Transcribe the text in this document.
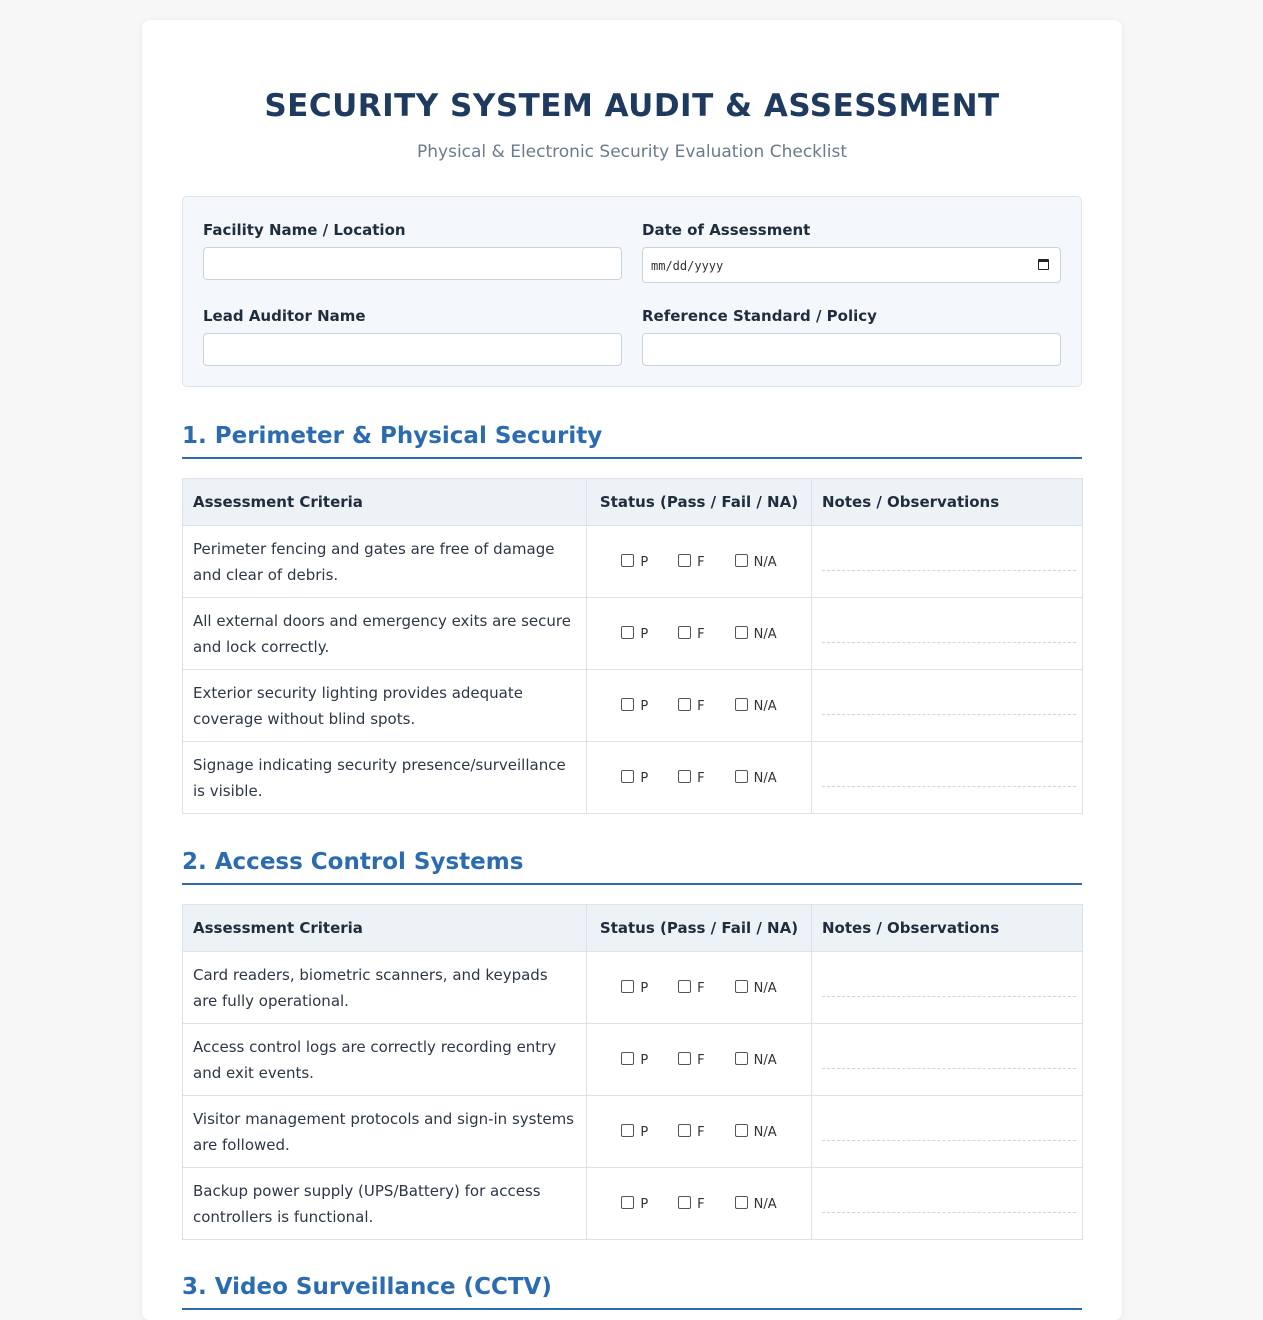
SECURITY SYSTEM AUDIT & ASSESSMENT
Physical & Electronic Security Evaluation Checklist
Facility Name / Location	Date of Assessment
mm/dd/yyyy
Lead Auditor Name	Reference Standard / Policy
1. Perimeter & Physical Security
Assessment Criteria	Status (Pass / Fail / NA)	Notes / Observations
Perimeter fencing and gates are free of damage and clear of debris.	P F N/A	

All external doors and emergency exits are secure and lock correctly.	P F N/A	

Exterior security lighting provides adequate coverage without blind spots.	P F N/A	

Signage indicating security presence/surveillance is visible.	P F N/A	
2. Access Control Systems
Assessment Criteria	Status (Pass / Fail / NA)	Notes / Observations
Card readers, biometric scanners, and keypads are fully operational.	P F N/A	

Access control logs are correctly recording entry and exit events.	P F N/A	

Visitor management protocols and sign-in systems are followed.	P F N/A	

Backup power supply (UPS/Battery) for access controllers is functional.	P F N/A	
3. Video Surveillance (CCTV)
